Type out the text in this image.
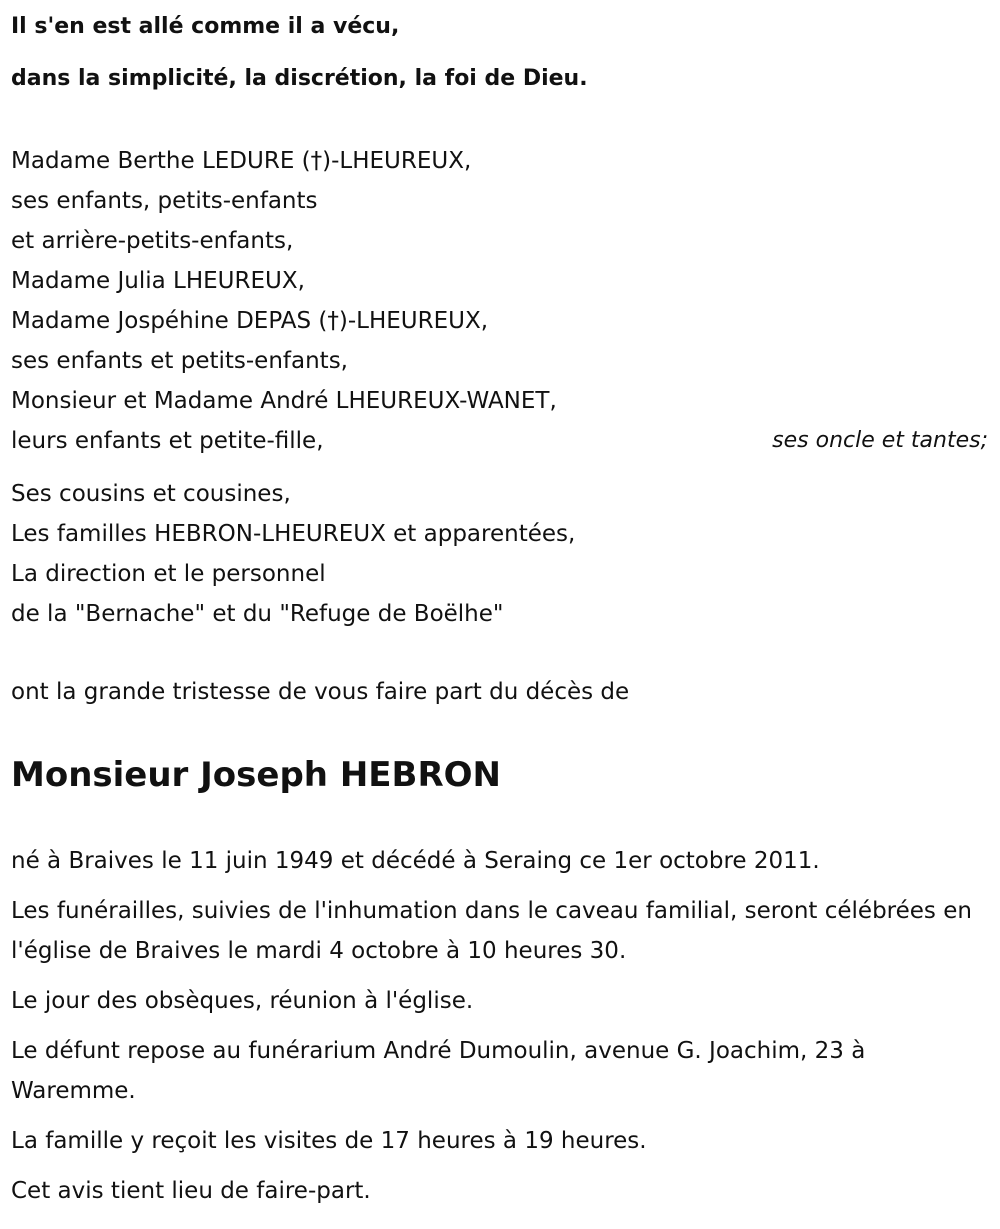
Il s'en est allé comme il a vécu,
dans la simplicité, la discrétion, la foi de Dieu.
Madame Berthe LEDURE (†)-LHEUREUX,
ses enfants, petits-enfants
et arrière-petits-enfants,
Madame Julia LHEUREUX,
Madame Jospéhine DEPAS (†)-LHEUREUX,
ses enfants et petits-enfants,
Monsieur et Madame André LHEUREUX-WANET,
leurs enfants et petite-fille,	ses oncle et tantes;
Ses cousins et cousines,
Les familles HEBRON-LHEUREUX et apparentées,
La direction et le personnel
de la "Bernache" et du "Refuge de Boëlhe"
ont la grande tristesse de vous faire part du décès de
Monsieur Joseph HEBRON

né à Braives le 11 juin 1949 et décédé à Seraing ce 1er octobre 2011.

Les funérailles, suivies de l'inhumation dans le caveau familial, seront célébrées en l'église de Braives le mardi 4 octobre à 10 heures 30.

Le jour des obsèques, réunion à l'église.

Le défunt repose au funérarium André Dumoulin, avenue G. Joachim, 23 à Waremme.

La famille y reçoit les visites de 17 heures à 19 heures.

Cet avis tient lieu de faire-part.
